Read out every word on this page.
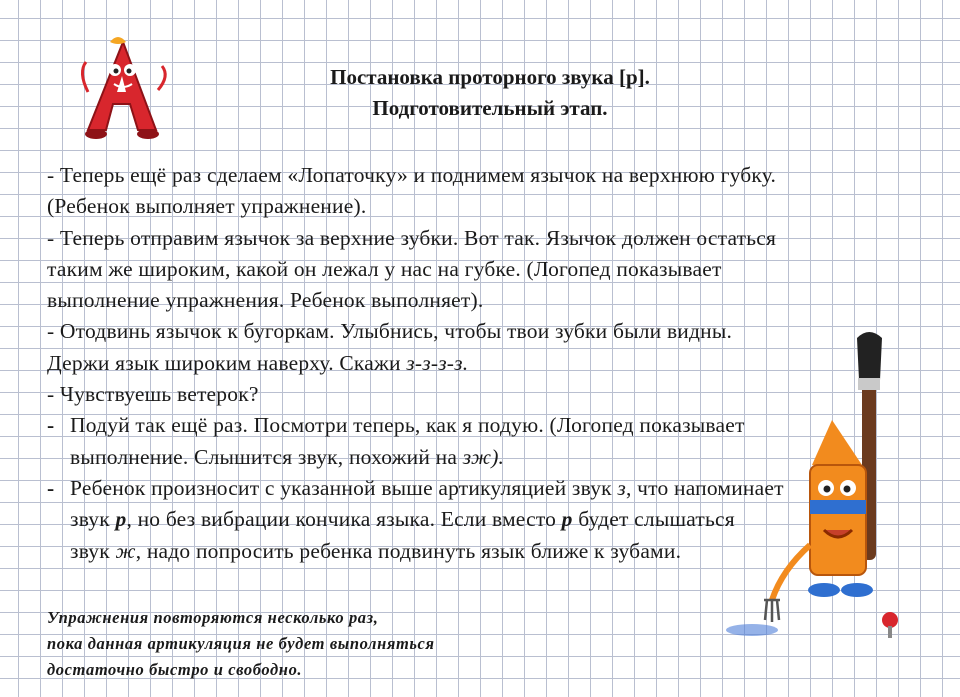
Постановка проторного звука [р].
Подготовительный этап.
- Теперь ещё раз сделаем «Лопаточку» и поднимем язычок на верхнюю губку.
(Ребенок выполняет упражнение).
- Теперь отправим язычок за верхние зубки. Вот так. Язычок должен остаться
таким же широким, какой он лежал у нас на губке. (Логопед показывает
выполнение упражнения. Ребенок выполняет).
- Отодвинь язычок к бугоркам. Улыбнись, чтобы твои зубки были видны.
Держи язык широким наверху. Скажи з-з-з-з.
- Чувствуешь ветерок?
- Подуй так ещё раз. Посмотри теперь, как я подую. (Логопед показывает
выполнение. Слышится звук, похожий на зж).
- Ребенок произносит с указанной выше артикуляцией звук з, что напоминает
звук р, но без вибрации кончика языка. Если вместо р будет слышаться
звук ж, надо попросить ребенка подвинуть язык ближе к зубами.
Упражнения повторяются несколько раз,
пока данная артикуляция не будет выполняться
достаточно быстро и свободно.
